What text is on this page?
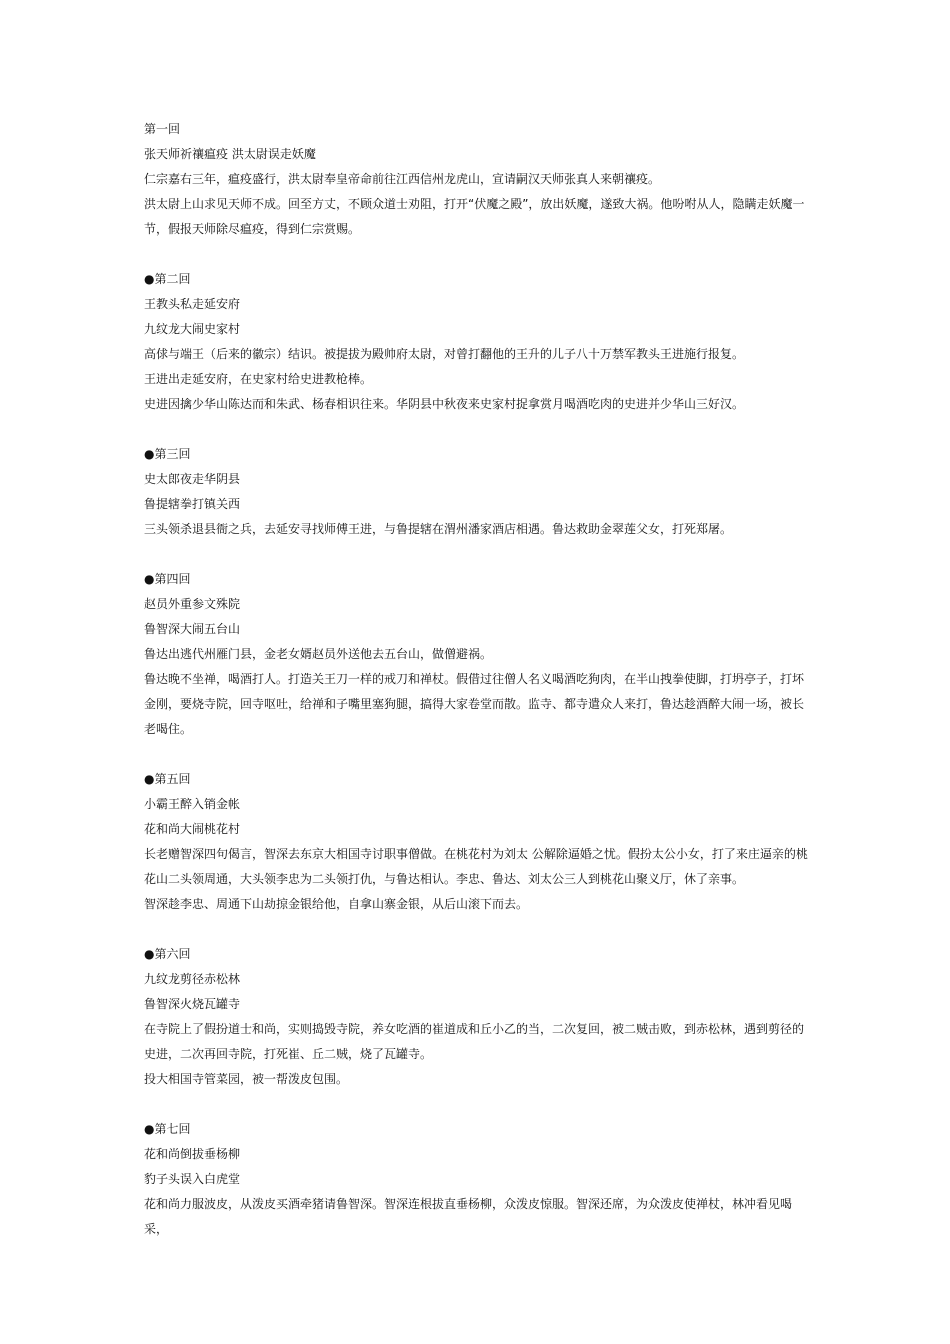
第一回

张天师祈禳瘟疫 洪太尉误走妖魔

仁宗嘉右三年，瘟疫盛行，洪太尉奉皇帝命前往江西信州龙虎山，宣请嗣汉天师张真人来朝禳疫。

洪太尉上山求见天师不成。回至方丈，不顾众道士劝阻，打开“伏魔之殿”，放出妖魔，遂致大祸。他吩咐从人，隐瞒走妖魔一节，假报天师除尽瘟疫，得到仁宗赏赐。

●第二回

王教头私走延安府

九纹龙大闹史家村

高俅与端王（后来的徽宗）结识。被提拔为殿帅府太尉，对曾打翻他的王升的儿子八十万禁军教头王进施行报复。

王进出走延安府，在史家村给史进教枪棒。

史进因擒少华山陈达而和朱武、杨春相识往来。华阴县中秋夜来史家村捉拿赏月喝酒吃肉的史进并少华山三好汉。

●第三回

史太郎夜走华阴县

鲁提辖拳打镇关西

三头领杀退县衙之兵，去延安寻找师傅王进，与鲁提辖在渭州潘家酒店相遇。鲁达救助金翠莲父女，打死郑屠。

●第四回

赵员外重参文殊院

鲁智深大闹五台山

鲁达出逃代州雁门县，金老女婿赵员外送他去五台山，做僧避祸。

鲁达晚不坐禅，喝酒打人。打造关王刀一样的戒刀和禅杖。假借过往僧人名义喝酒吃狗肉，在半山拽拳使脚，打坍亭子，打坏金刚，要烧寺院，回寺呕吐，给禅和子嘴里塞狗腿，搞得大家卷堂而散。监寺、都寺遣众人来打，鲁达趁酒醉大闹一场，被长老喝住。

●第五回

小霸王醉入销金帐

花和尚大闹桃花村

长老赠智深四句偈言，智深去东京大相国寺讨职事僧做。在桃花村为刘太 公解除逼婚之忧。假扮太公小女，打了来庄逼亲的桃花山二头领周通，大头领李忠为二头领打仇，与鲁达相认。李忠、鲁达、刘太公三人到桃花山聚义厅，休了亲事。

智深趁李忠、周通下山劫掠金银给他，自拿山寨金银，从后山滚下而去。

●第六回

九纹龙剪径赤松林

鲁智深火烧瓦罐寺

在寺院上了假扮道士和尚，实则捣毁寺院，养女吃酒的崔道成和丘小乙的当，二次复回，被二贼击败，到赤松林，遇到剪径的史进，二次再回寺院，打死崔、丘二贼，烧了瓦罐寺。

投大相国寺管菜园，被一帮泼皮包围。

●第七回

花和尚倒拔垂杨柳

豹子头误入白虎堂

花和尚力服波皮，从泼皮买酒牵猪请鲁智深。智深连根拔直垂杨柳，众泼皮惊服。智深还席，为众泼皮使禅杖，林冲看见喝采，
